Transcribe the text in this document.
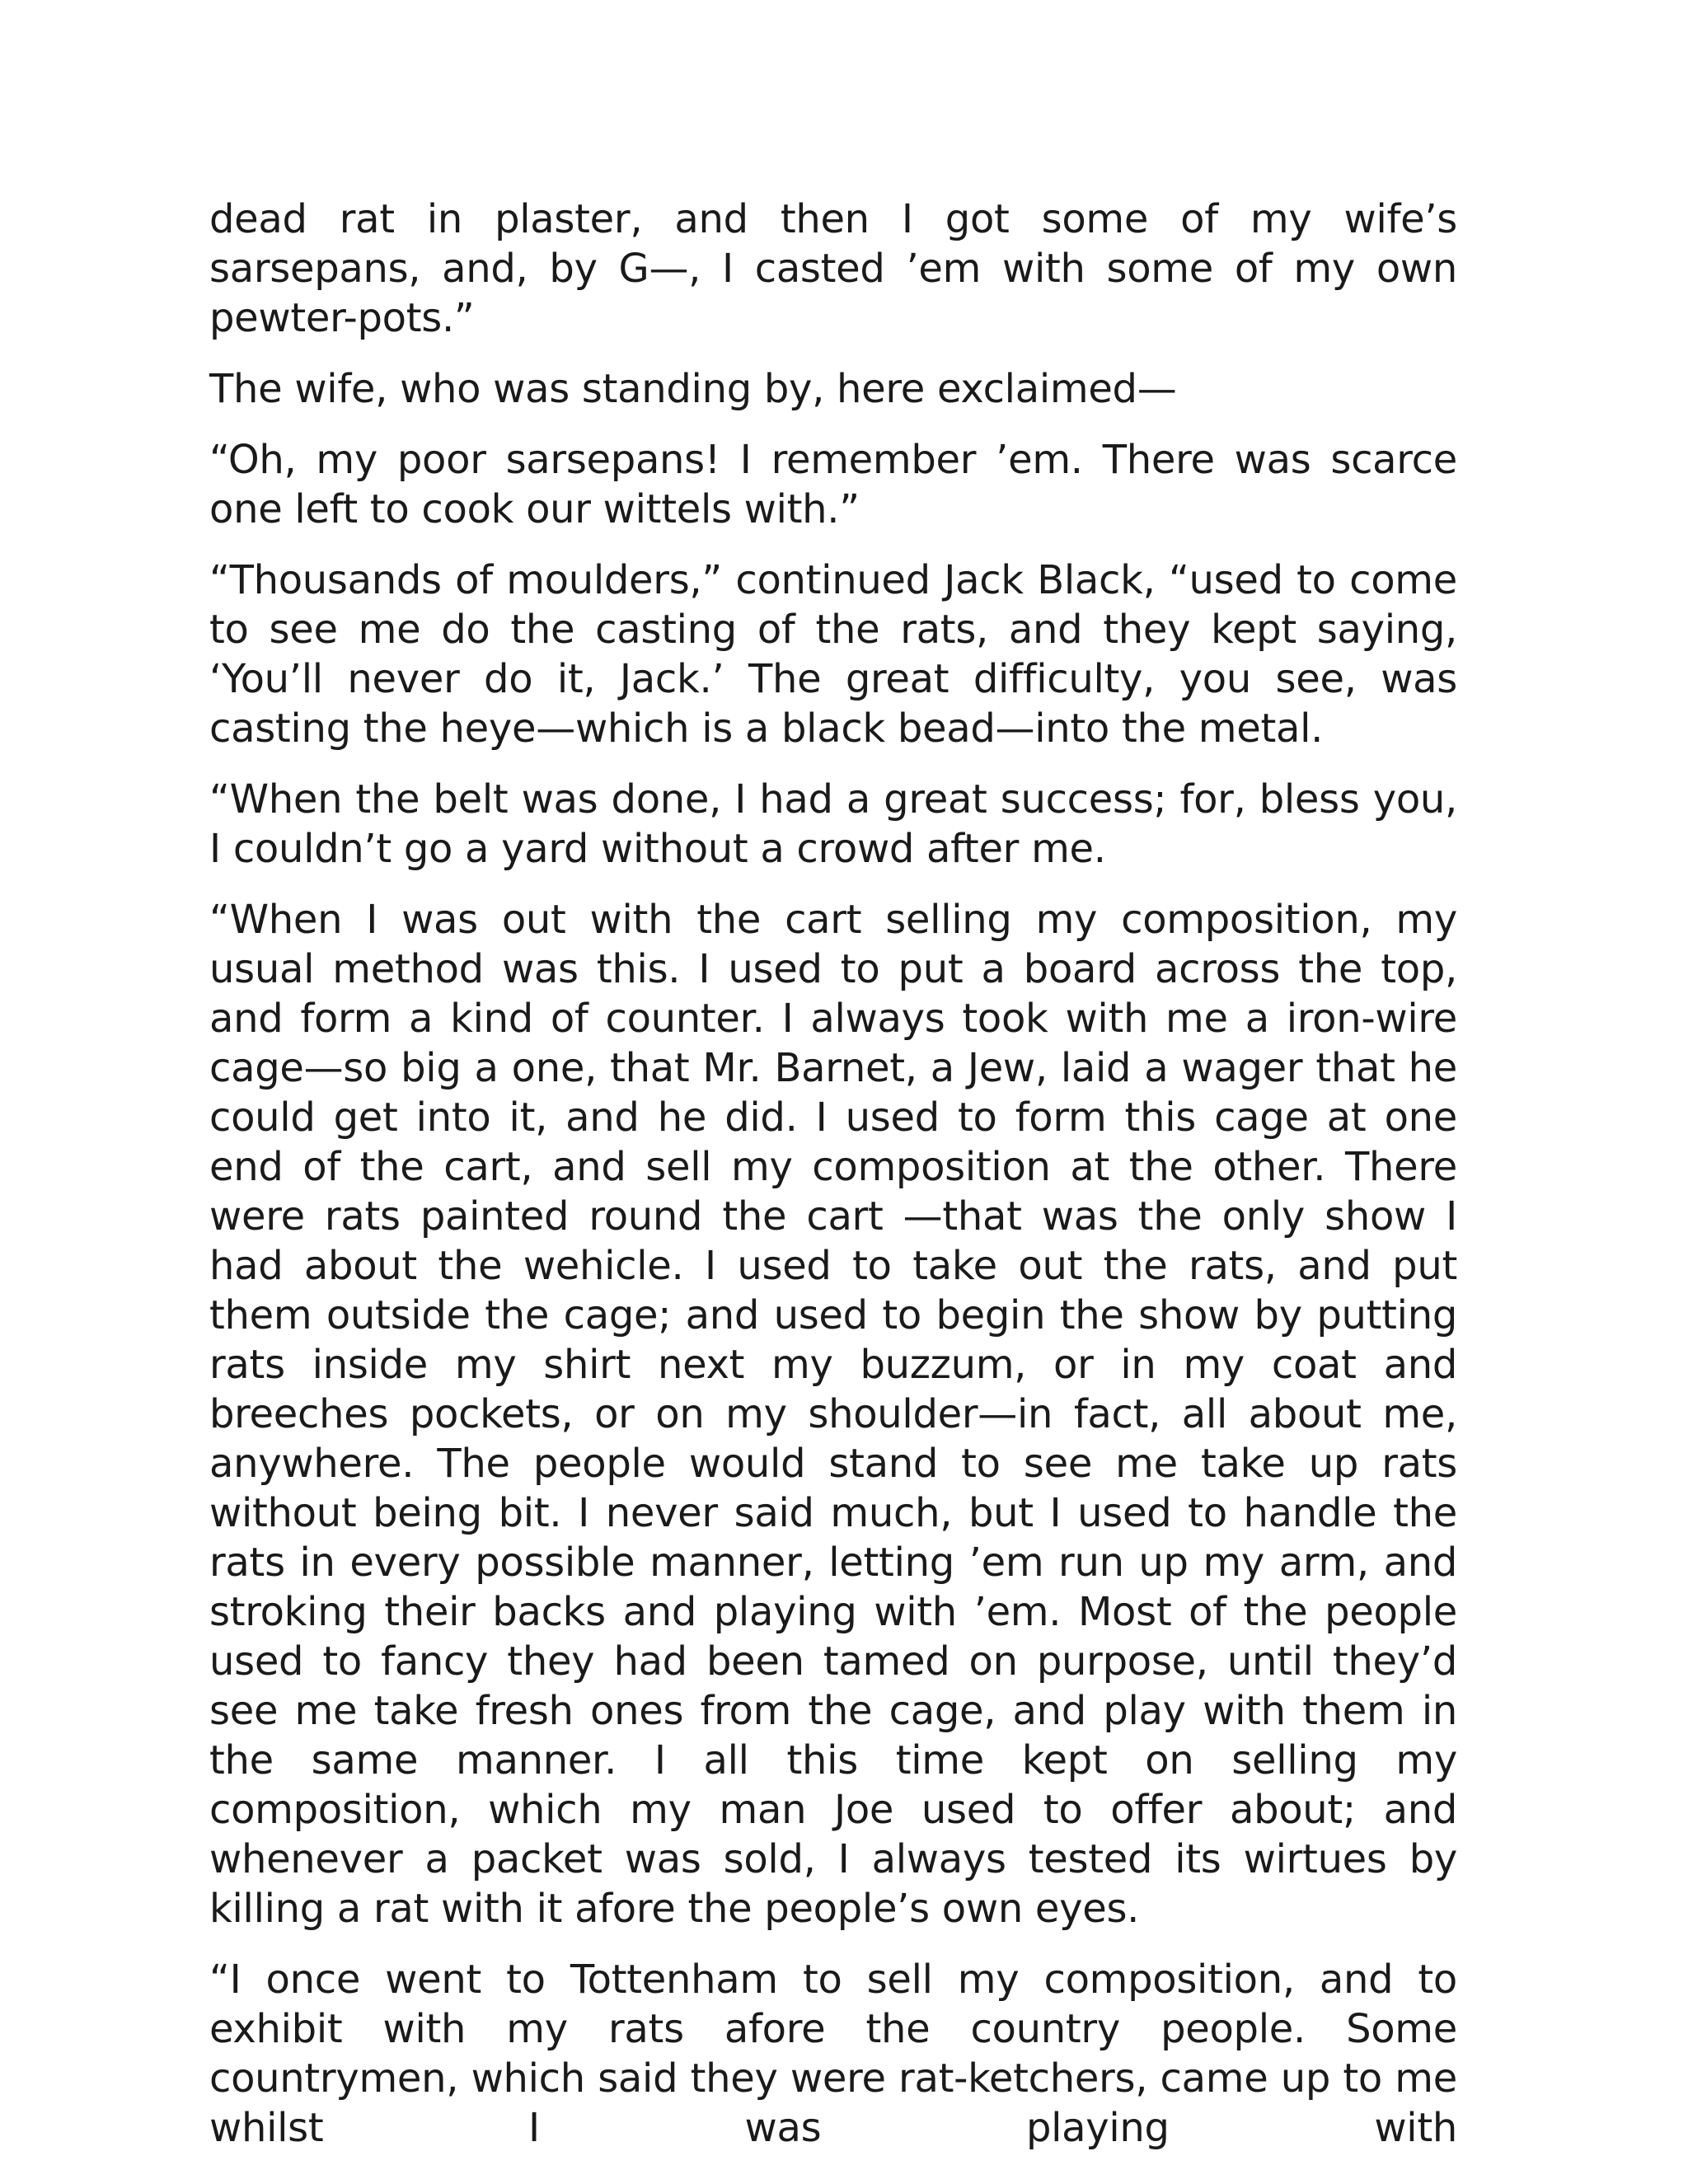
dead rat in plaster, and then I got some of my wife’s sarsepans, and, by G—, I casted ’em with some of my own pewter-pots.”

The wife, who was standing by, here exclaimed—

“Oh, my poor sarsepans! I remember ’em. There was scarce one left to cook our wittels with.”

“Thousands of moulders,” continued Jack Black, “used to come to see me do the casting of the rats, and they kept saying, ‘You’ll never do it, Jack.’ The great difficulty, you see, was casting the heye—which is a black bead—into the metal.

“When the belt was done, I had a great success; for, bless you, I couldn’t go a yard without a crowd after me.

“When I was out with the cart selling my composition, my usual method was this. I used to put a board across the top, and form a kind of counter. I always took with me a iron-wire cage—so big a one, that Mr. Barnet, a Jew, laid a wager that he could get into it, and he did. I used to form this cage at one end of the cart, and sell my composition at the other. There were rats painted round the cart —that was the only show I had about the wehicle. I used to take out the rats, and put them outside the cage; and used to begin the show by putting rats inside my shirt next my buzzum, or in my coat and breeches pockets, or on my shoulder—in fact, all about me, anywhere. The people would stand to see me take up rats without being bit. I never said much, but I used to handle the rats in every possible manner, letting ’em run up my arm, and stroking their backs and playing with ’em. Most of the people used to fancy they had been tamed on purpose, until they’d see me take fresh ones from the cage, and play with them in the same manner. I all this time kept on selling my composition, which my man Joe used to offer about; and whenever a packet was sold, I always tested its wirtues by killing a rat with it afore the people’s own eyes.

“I once went to Tottenham to sell my composition, and to exhibit with my rats afore the country people. Some countrymen, which said they were rat-ketchers, came up to me whilst I was playing with
